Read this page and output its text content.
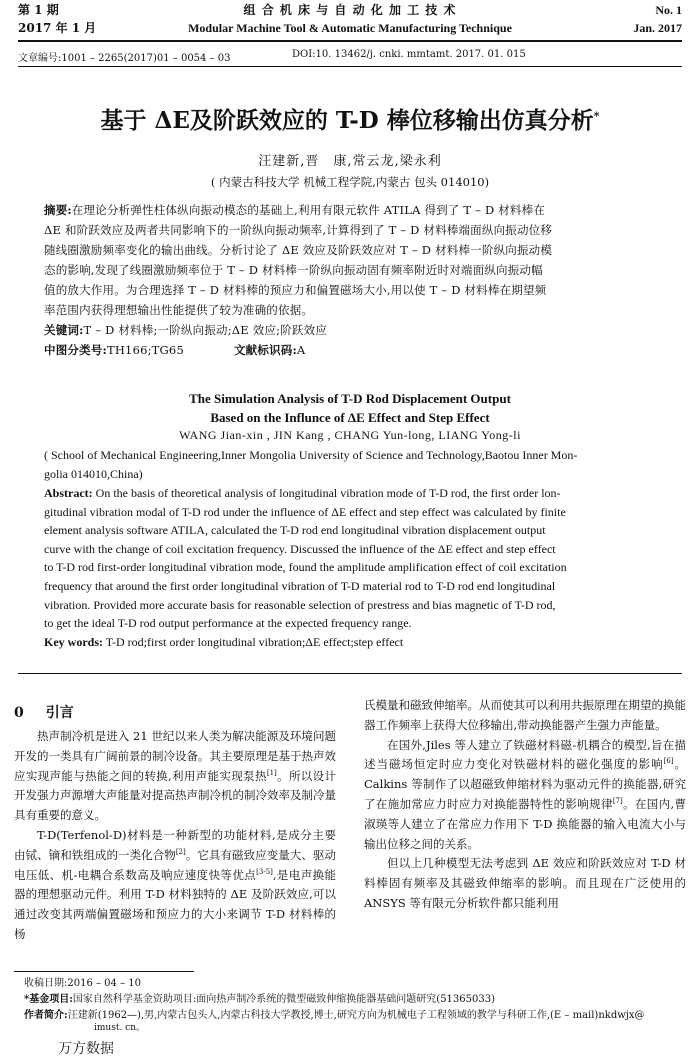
第 1 期
2017 年 1 月
组 合 机 床 与 自 动 化 加 工 技 术
Modular Machine Tool & Automatic Manufacturing Technique
No. 1
Jan. 2017
文章编号:1001 – 2265(2017)01 – 0054 – 03	DOI:10. 13462/j. cnki. mmtamt. 2017. 01. 015
基于 ΔE及阶跃效应的 T-D 棒位移输出仿真分析*
汪建新,晋　康,常云龙,梁永利
( 内蒙古科技大学 机械工程学院,内蒙古 包头 014010)
摘要:在理论分析弹性柱体纵向振动模态的基础上,利用有限元软件 ATILA 得到了 T – D 材料棒在
ΔE 和阶跃效应及两者共同影响下的一阶纵向振动频率,计算得到了 T – D 材料棒端面纵向振动位移
随线圈激励频率变化的输出曲线。分析讨论了 ΔE 效应及阶跃效应对 T – D 材料棒一阶纵向振动模
态的影响,发现了线圈激励频率位于 T – D 材料棒一阶纵向振动固有频率附近时对端面纵向振动幅
值的放大作用。为合理选择 T – D 材料棒的预应力和偏置磁场大小,用以使 T – D 材料棒在期望频
率范围内获得理想输出性能提供了较为准确的依据。
关键词:T – D 材料棒;一阶纵向振动;ΔE 效应;阶跃效应
中图分类号:TH166;TG65	文献标识码:A
The Simulation Analysis of T-D Rod Displacement Output
Based on the Influnce of ΔE Effect and Step Effect
WANG Jian-xin , JIN Kang , CHANG Yun-long, LIANG Yong-li
( School of Mechanical Engineering,Inner Mongolia University of Science and Technology,Baotou Inner Mon-
golia 014010,China)
Abstract: On the basis of theoretical analysis of longitudinal vibration mode of T-D rod, the first order lon-
gitudinal vibration modal of T-D rod under the influence of ΔE effect and step effect was calculated by finite
element analysis software ATILA, calculated the T-D rod end longitudinal vibration displacement output
curve with the change of coil excitation frequency. Discussed the influence of the ΔE effect and step effect
to T-D rod first-order longitudinal vibration mode, found the amplitude amplification effect of coil excitation
frequency that around the first order longitudinal vibration of T-D material rod to T-D rod end longitudinal
vibration. Provided more accurate basis for reasonable selection of prestress and bias magnetic of T-D rod,
to get the ideal T-D rod output performance at the expected frequency range.
Key words: T-D rod;first order longitudinal vibration;ΔE effect;step effect
0 引言

热声制冷机是进入 21 世纪以来人类为解决能源及环境问题开发的一类具有广阔前景的制冷设备。其主要原理是基于热声效应实现声能与热能之间的转换,利用声能实现泵热[1]。所以设计开发强力声源增大声能量对提高热声制冷机的制冷效率及制冷量具有重要的意义。

T-D(Terfenol-D)材料是一种新型的功能材料,是成分主要由铽、镝和铁组成的一类化合物[2]。它具有磁致应变量大、驱动电压低、机-电耦合系数高及响应速度快等优点[3-5],是电声换能器的理想驱动元件。利用 T-D 材料独特的 ΔE 及阶跃效应,可以通过改变其两端偏置磁场和预应力的大小来调节 T-D 材料棒的杨

氏模量和磁致伸缩率。从而使其可以利用共振原理在期望的换能器工作频率上获得大位移输出,带动换能器产生强力声能量。

在国外,Jiles 等人建立了铁磁材料磁-机耦合的模型,旨在描述当磁场恒定时应力变化对铁磁材料的磁化强度的影响[6]。Calkins 等制作了以超磁致伸缩材料为驱动元件的换能器,研究了在施加常应力时应力对换能器特性的影响规律[7]。在国内,曹淑瑛等人建立了在常应力作用下 T-D 换能器的输入电流大小与输出位移之间的关系。

但以上几种模型无法考虑到 ΔE 效应和阶跃效应对 T-D 材料棒固有频率及其磁致伸缩率的影响。而且现在广泛使用的 ANSYS 等有限元分析软件都只能利用

收稿日期:2016 – 04 – 10
*基金项目:国家自然科学基金资助项目:面向热声制冷系统的微型磁致伸缩换能器基础问题研究(51365033)
作者简介:汪建新(1962—),男,内蒙古包头人,内蒙古科技大学教授,博士,研究方向为机械电子工程领域的教学与科研工作,(E – mail)nkdwjx@
imust. cn。
万方数据
